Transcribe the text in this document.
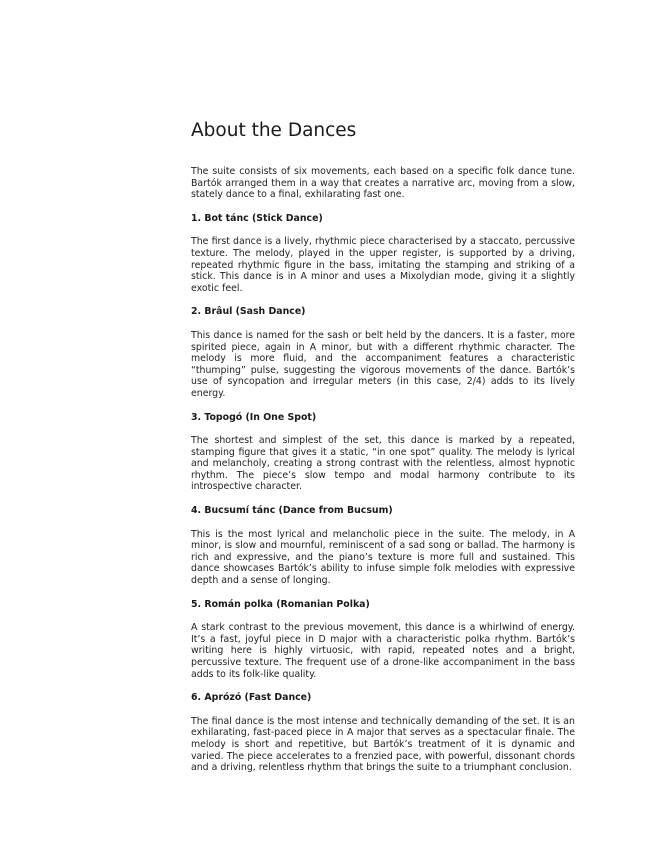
About the Dances

The suite consists of six movements, each based on a specific folk dance tune. Bartók arranged them in a way that creates a narrative arc, moving from a slow, stately dance to a final, exhilarating fast one.

1. Bot tánc (Stick Dance)

The first dance is a lively, rhythmic piece characterised by a staccato, percussive texture. The melody, played in the upper register, is supported by a driving, repeated rhythmic figure in the bass, imitating the stamping and striking of a stick. This dance is in A minor and uses a Mixolydian mode, giving it a slightly exotic feel.

2. Brâul (Sash Dance)

This dance is named for the sash or belt held by the dancers. It is a faster, more spirited piece, again in A minor, but with a different rhythmic character. The melody is more fluid, and the accompaniment features a characteristic “thumping” pulse, suggesting the vigorous movements of the dance. Bartók’s use of syncopation and irregular meters (in this case, 2/4) adds to its lively energy.

3. Topogó (In One Spot)

The shortest and simplest of the set, this dance is marked by a repeated, stamping figure that gives it a static, “in one spot” quality. The melody is lyrical and melancholy, creating a strong contrast with the relentless, almost hypnotic rhythm. The piece’s slow tempo and modal harmony contribute to its introspective character.

4. Bucsumí tánc (Dance from Bucsum)

This is the most lyrical and melancholic piece in the suite. The melody, in A minor, is slow and mournful, reminiscent of a sad song or ballad. The harmony is rich and expressive, and the piano’s texture is more full and sustained. This dance showcases Bartók’s ability to infuse simple folk melodies with expressive depth and a sense of longing.

5. Román polka (Romanian Polka)

A stark contrast to the previous movement, this dance is a whirlwind of energy. It’s a fast, joyful piece in D major with a characteristic polka rhythm. Bartók’s writing here is highly virtuosic, with rapid, repeated notes and a bright, percussive texture. The frequent use of a drone-like accompaniment in the bass adds to its folk-like quality.

6. Aprózó (Fast Dance)

The final dance is the most intense and technically demanding of the set. It is an exhilarating, fast-paced piece in A major that serves as a spectacular finale. The melody is short and repetitive, but Bartók’s treatment of it is dynamic and varied. The piece accelerates to a frenzied pace, with powerful, dissonant chords and a driving, relentless rhythm that brings the suite to a triumphant conclusion.
